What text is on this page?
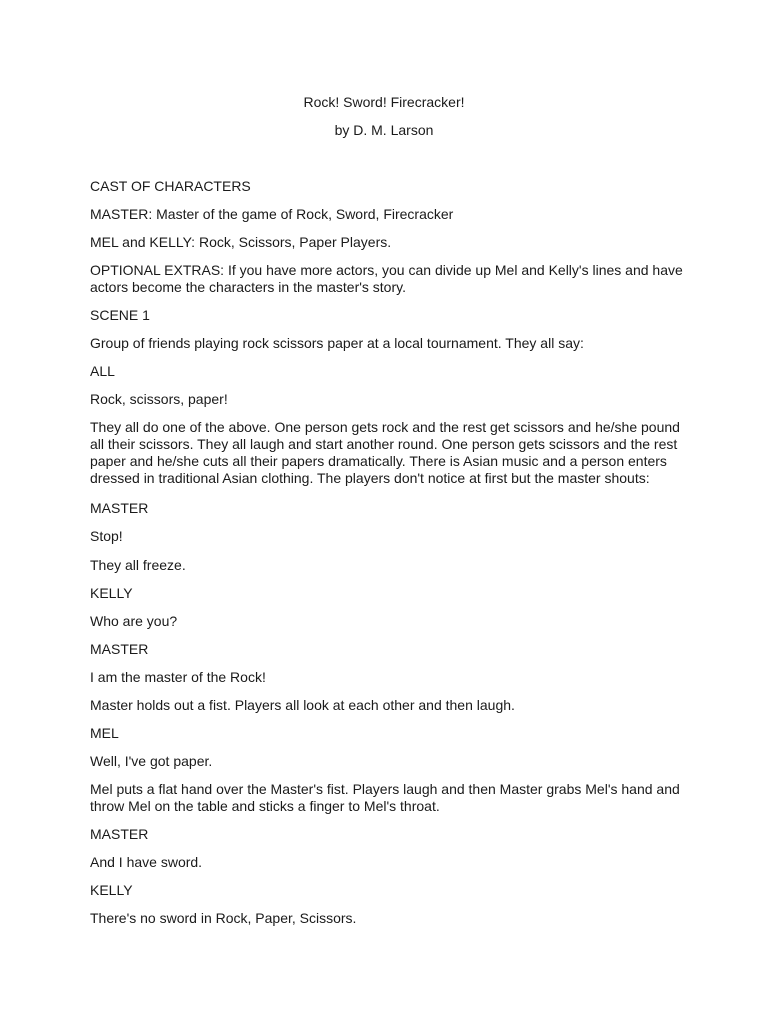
Rock! Sword! Firecracker!
by D. M. Larson
CAST OF CHARACTERS
MASTER: Master of the game of Rock, Sword, Firecracker
MEL and KELLY: Rock, Scissors, Paper Players.
OPTIONAL EXTRAS: If you have more actors, you can divide up Mel and Kelly's lines and have
actors become the characters in the master's story.
SCENE 1
Group of friends playing rock scissors paper at a local tournament. They all say:
ALL
Rock, scissors, paper!
They all do one of the above. One person gets rock and the rest get scissors and he/she pound
all their scissors. They all laugh and start another round. One person gets scissors and the rest
paper and he/she cuts all their papers dramatically. There is Asian music and a person enters
dressed in traditional Asian clothing. The players don't notice at first but the master shouts:
MASTER
Stop!
They all freeze.
KELLY
Who are you?
MASTER
I am the master of the Rock!
Master holds out a fist. Players all look at each other and then laugh.
MEL
Well, I've got paper.
Mel puts a flat hand over the Master's fist. Players laugh and then Master grabs Mel's hand and
throw Mel on the table and sticks a finger to Mel's throat.
MASTER
And I have sword.
KELLY
There's no sword in Rock, Paper, Scissors.
